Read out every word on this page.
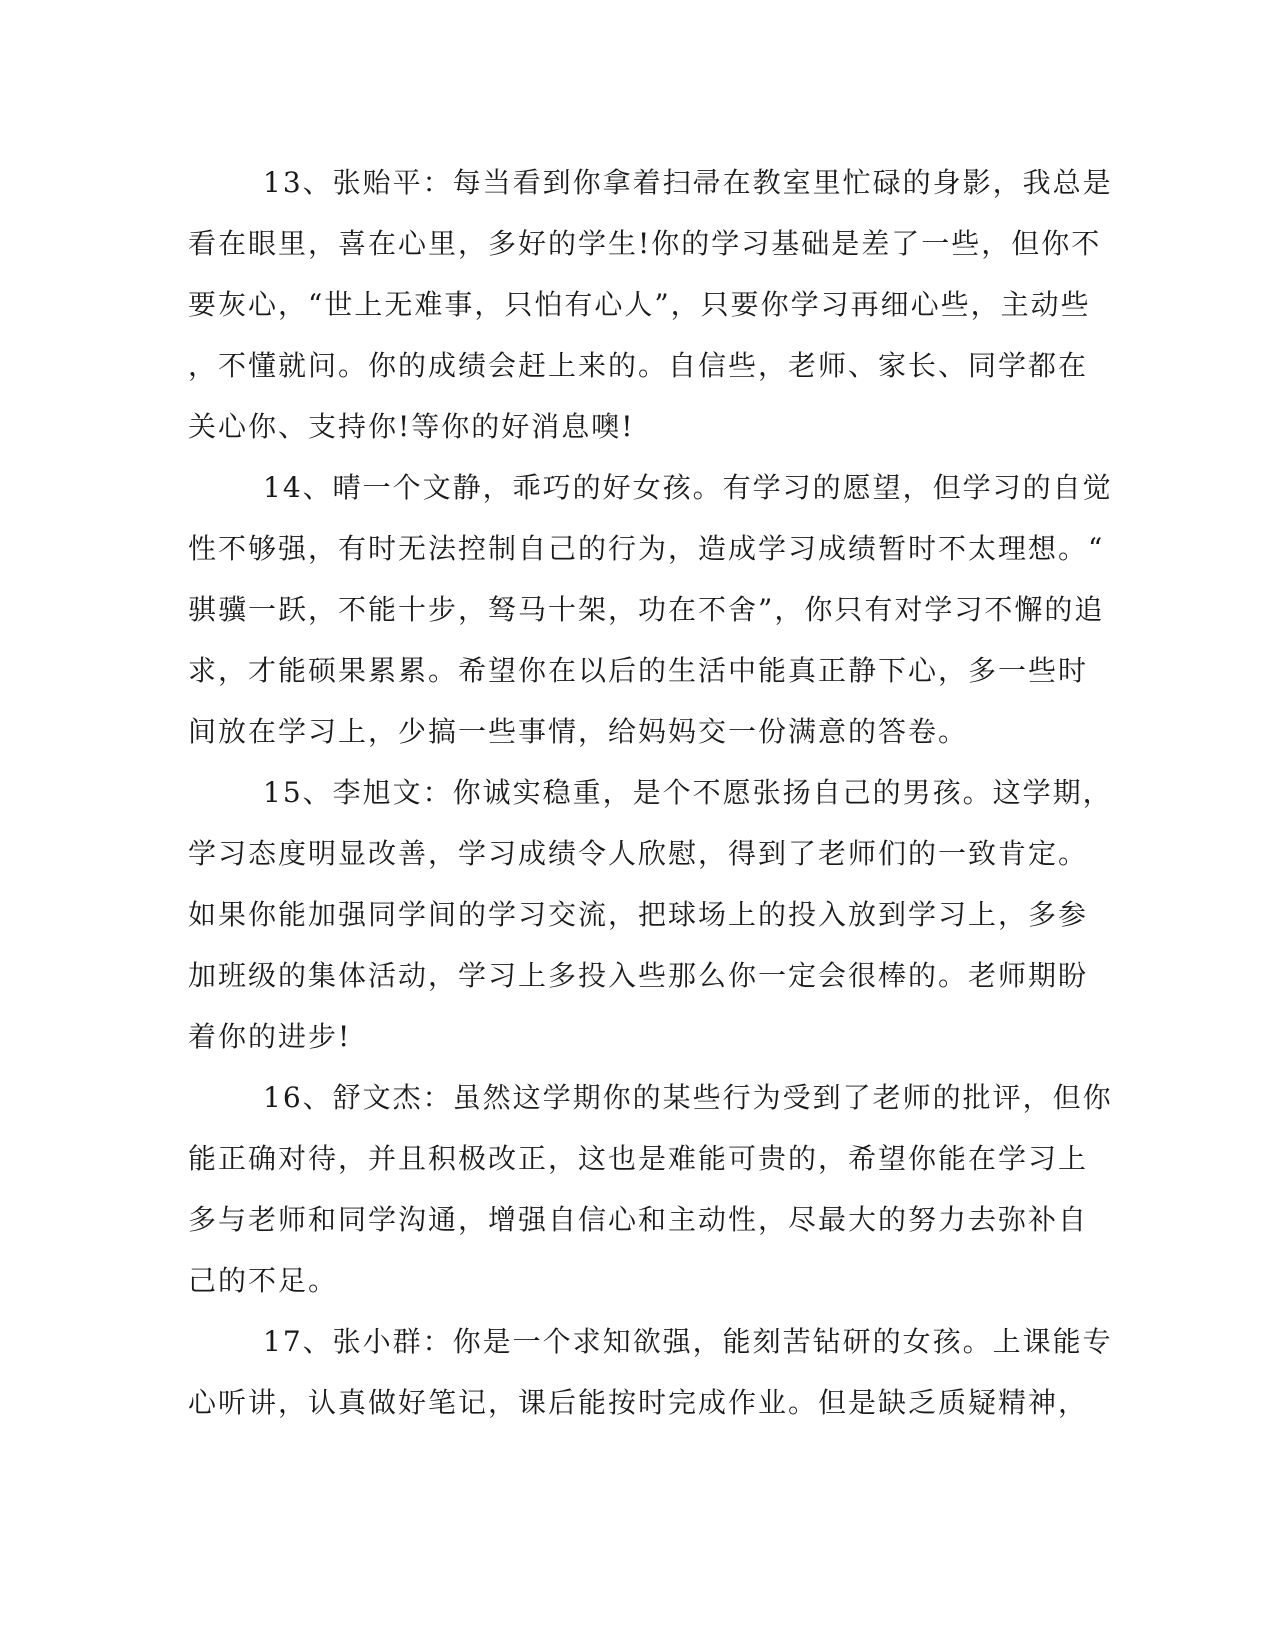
13、张贻平：每当看到你拿着扫帚在教室里忙碌的身影，我总是
看在眼里，喜在心里，多好的学生!你的学习基础是差了一些，但你不
要灰心，“世上无难事，只怕有心人”，只要你学习再细心些，主动些
，不懂就问。你的成绩会赶上来的。自信些，老师、家长、同学都在
关心你、支持你!等你的好消息噢!
14、晴一个文静，乖巧的好女孩。有学习的愿望，但学习的自觉
性不够强，有时无法控制自己的行为，造成学习成绩暂时不太理想。“
骐骥一跃，不能十步，驽马十架，功在不舍”，你只有对学习不懈的追
求，才能硕果累累。希望你在以后的生活中能真正静下心，多一些时
间放在学习上，少搞一些事情，给妈妈交一份满意的答卷。
15、李旭文：你诚实稳重，是个不愿张扬自己的男孩。这学期，
学习态度明显改善，学习成绩令人欣慰，得到了老师们的一致肯定。
如果你能加强同学间的学习交流，把球场上的投入放到学习上，多参
加班级的集体活动，学习上多投入些那么你一定会很棒的。老师期盼
着你的进步!
16、舒文杰：虽然这学期你的某些行为受到了老师的批评，但你
能正确对待，并且积极改正，这也是难能可贵的，希望你能在学习上
多与老师和同学沟通，增强自信心和主动性，尽最大的努力去弥补自
己的不足。
17、张小群：你是一个求知欲强，能刻苦钻研的女孩。上课能专
心听讲，认真做好笔记，课后能按时完成作业。但是缺乏质疑精神，
